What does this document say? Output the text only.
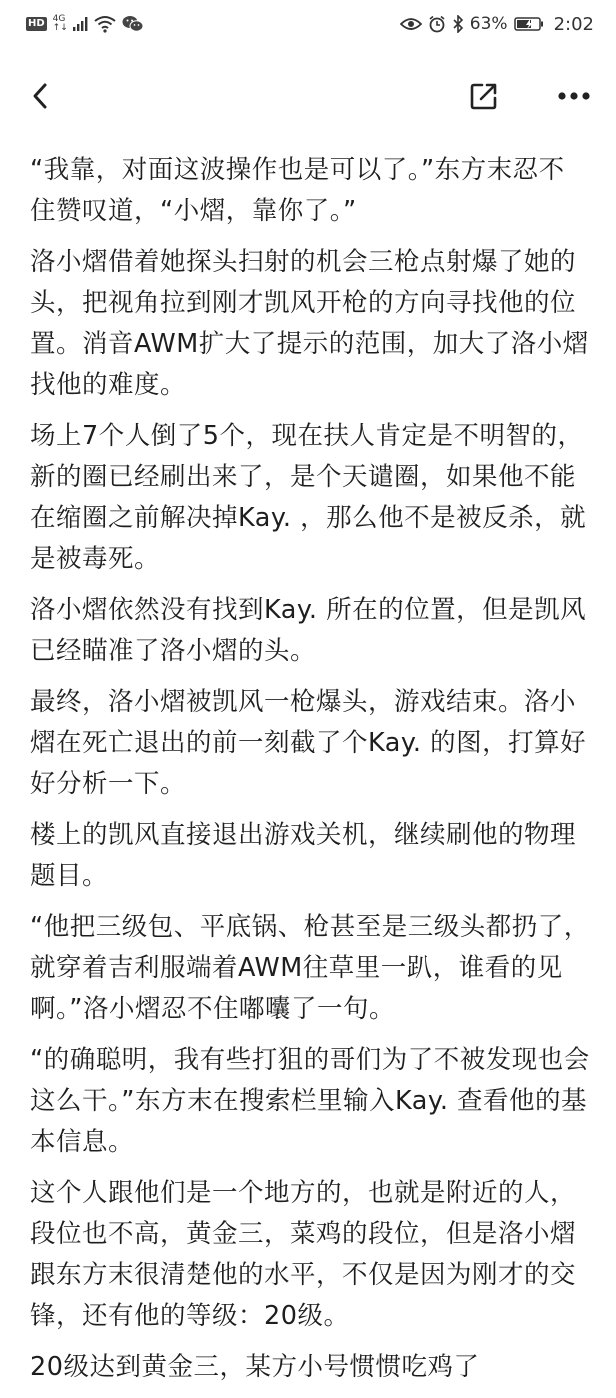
HD 4G
↑↓	63%	2:02

“我靠，对面这波操作也是可以了。”东方末忍不住赞叹道，“小熠，靠你了。”

洛小熠借着她探头扫射的机会三枪点射爆了她的头，把视角拉到刚才凯风开枪的方向寻找他的位置。消音AWM扩大了提示的范围，加大了洛小熠找他的难度。

场上7个人倒了5个，现在扶人肯定是不明智的，新的圈已经刷出来了，是个天谴圈，如果他不能在缩圈之前解决掉Kay. ，那么他不是被反杀，就是被毒死。

洛小熠依然没有找到Kay. 所在的位置，但是凯风已经瞄准了洛小熠的头。

最终，洛小熠被凯风一枪爆头，游戏结束。洛小熠在死亡退出的前一刻截了个Kay. 的图，打算好好分析一下。

楼上的凯风直接退出游戏关机，继续刷他的物理题目。

“他把三级包、平底锅、枪甚至是三级头都扔了，就穿着吉利服端着AWM往草里一趴，谁看的见啊。”洛小熠忍不住嘟囔了一句。

“的确聪明，我有些打狙的哥们为了不被发现也会这么干。”东方末在搜索栏里输入Kay. 查看他的基本信息。

这个人跟他们是一个地方的，也就是附近的人，段位也不高，黄金三，菜鸡的段位，但是洛小熠跟东方末很清楚他的水平，不仅是因为刚才的交锋，还有他的等级：20级。

20级达到黄金三，某方小号惯惯吃鸡了
